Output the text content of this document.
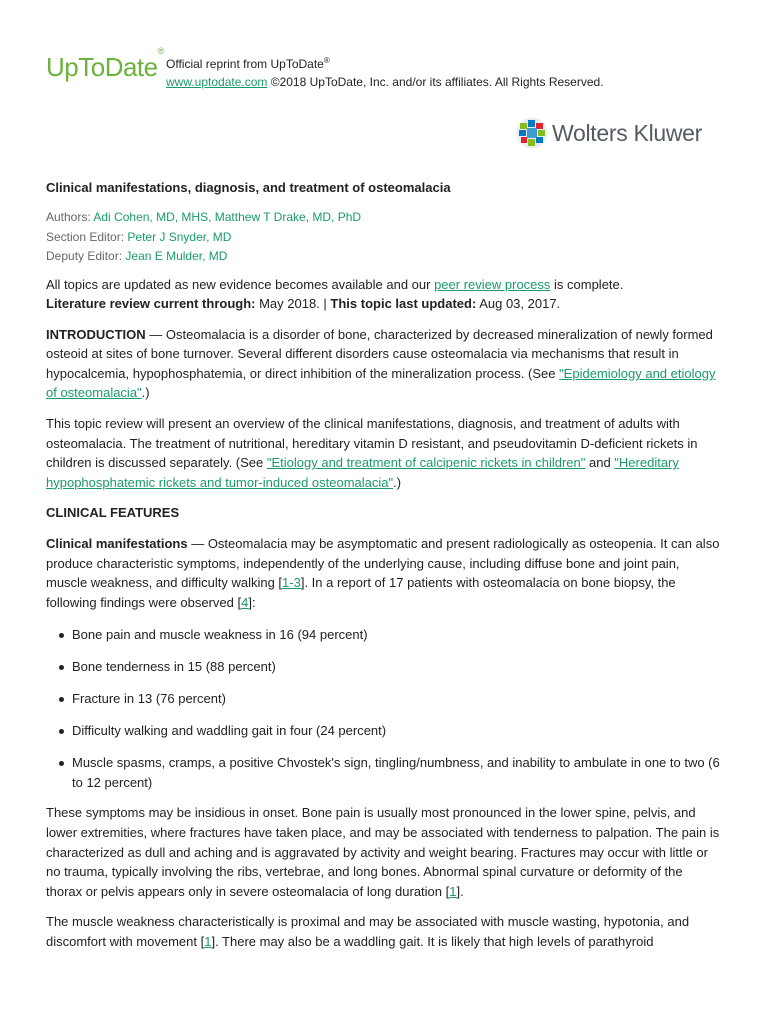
UpToDate®
Official reprint from UpToDate®
www.uptodate.com ©2018 UpToDate, Inc. and/or its affiliates. All Rights Reserved.
Wolters Kluwer
Clinical manifestations, diagnosis, and treatment of osteomalacia
Authors: Adi Cohen, MD, MHS, Matthew T Drake, MD, PhD
Section Editor: Peter J Snyder, MD
Deputy Editor: Jean E Mulder, MD

All topics are updated as new evidence becomes available and our peer review process is complete.

Literature review current through: May 2018. | This topic last updated: Aug 03, 2017.

INTRODUCTION — Osteomalacia is a disorder of bone, characterized by decreased mineralization of newly formed osteoid at sites of bone turnover. Several different disorders cause osteomalacia via mechanisms that result in hypocalcemia, hypophosphatemia, or direct inhibition of the mineralization process. (See "Epidemiology and etiology of osteomalacia".)

This topic review will present an overview of the clinical manifestations, diagnosis, and treatment of adults with osteomalacia. The treatment of nutritional, hereditary vitamin D resistant, and pseudovitamin D-deficient rickets in children is discussed separately. (See "Etiology and treatment of calcipenic rickets in children" and "Hereditary hypophosphatemic rickets and tumor-induced osteomalacia".)

CLINICAL FEATURES

Clinical manifestations — Osteomalacia may be asymptomatic and present radiologically as osteopenia. It can also produce characteristic symptoms, independently of the underlying cause, including diffuse bone and joint pain, muscle weakness, and difficulty walking [1-3]. In a report of 17 patients with osteomalacia on bone biopsy, the following findings were observed [4]:

Bone pain and muscle weakness in 16 (94 percent)
Bone tenderness in 15 (88 percent)
Fracture in 13 (76 percent)
Difficulty walking and waddling gait in four (24 percent)
Muscle spasms, cramps, a positive Chvostek's sign, tingling/numbness, and inability to ambulate in one to two (6 to 12 percent)

These symptoms may be insidious in onset. Bone pain is usually most pronounced in the lower spine, pelvis, and lower extremities, where fractures have taken place, and may be associated with tenderness to palpation. The pain is characterized as dull and aching and is aggravated by activity and weight bearing. Fractures may occur with little or no trauma, typically involving the ribs, vertebrae, and long bones. Abnormal spinal curvature or deformity of the thorax or pelvis appears only in severe osteomalacia of long duration [1].

The muscle weakness characteristically is proximal and may be associated with muscle wasting, hypotonia, and discomfort with movement [1]. There may also be a waddling gait. It is likely that high levels of parathyroid
